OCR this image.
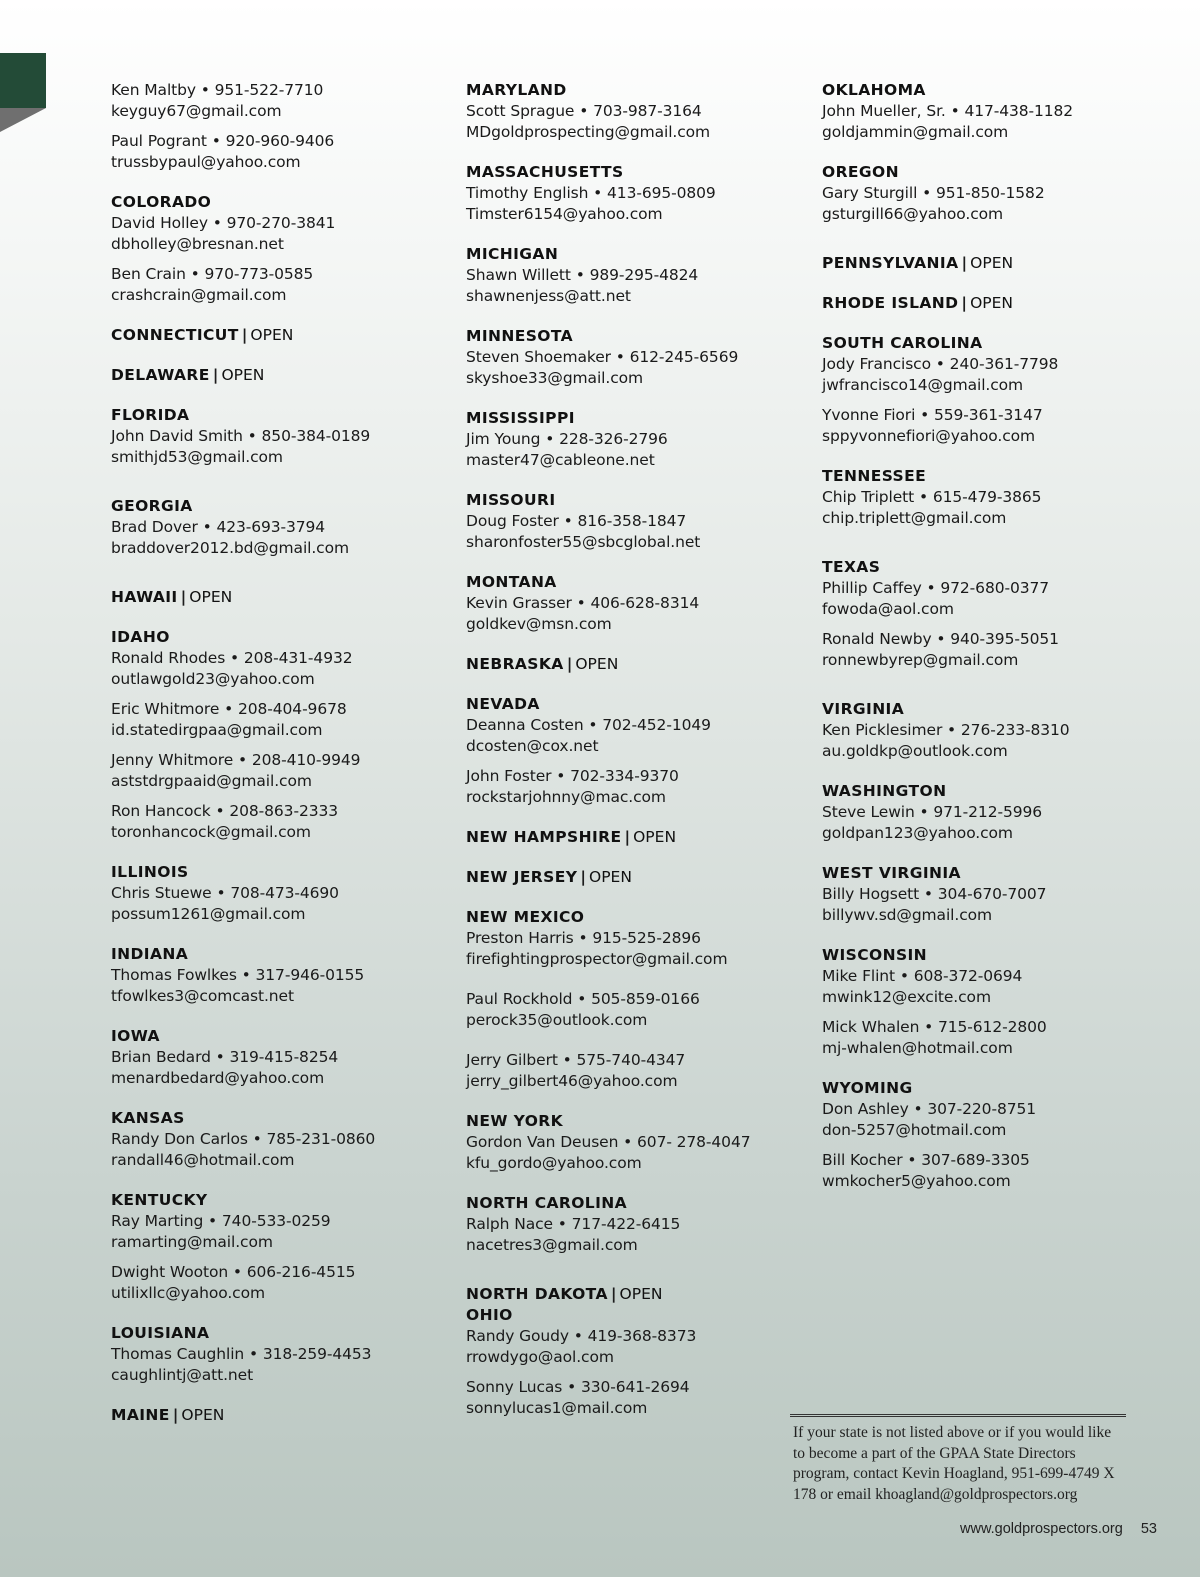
Ken Maltby • 951-522-7710
keyguy67@gmail.com
Paul Pogrant • 920-960-9406
trussbypaul@yahoo.com
COLORADO
David Holley • 970-270-3841
dbholley@bresnan.net
Ben Crain • 970-773-0585
crashcrain@gmail.com
CONNECTICUT | OPEN
DELAWARE | OPEN
FLORIDA
John David Smith • 850-384-0189
smithjd53@gmail.com
GEORGIA
Brad Dover • 423-693-3794
braddover2012.bd@gmail.com
HAWAII | OPEN
IDAHO
Ronald Rhodes • 208-431-4932
outlawgold23@yahoo.com
Eric Whitmore • 208-404-9678
id.statedirgpaa@gmail.com
Jenny Whitmore • 208-410-9949
aststdrgpaaid@gmail.com
Ron Hancock • 208-863-2333
toronhancock@gmail.com
ILLINOIS
Chris Stuewe • 708-473-4690
possum1261@gmail.com
INDIANA
Thomas Fowlkes • 317-946-0155
tfowlkes3@comcast.net
IOWA
Brian Bedard • 319-415-8254
menardbedard@yahoo.com
KANSAS
Randy Don Carlos • 785-231-0860
randall46@hotmail.com
KENTUCKY
Ray Marting • 740-533-0259
ramarting@mail.com
Dwight Wooton • 606-216-4515
utilixllc@yahoo.com
LOUISIANA
Thomas Caughlin • 318-259-4453
caughlintj@att.net
MAINE | OPEN
MARYLAND
Scott Sprague • 703-987-3164
MDgoldprospecting@gmail.com
MASSACHUSETTS
Timothy English • 413-695-0809
Timster6154@yahoo.com
MICHIGAN
Shawn Willett • 989-295-4824
shawnenjess@att.net
MINNESOTA
Steven Shoemaker • 612-245-6569
skyshoe33@gmail.com
MISSISSIPPI
Jim Young • 228-326-2796
master47@cableone.net
MISSOURI
Doug Foster • 816-358-1847
sharonfoster55@sbcglobal.net
MONTANA
Kevin Grasser • 406-628-8314
goldkev@msn.com
NEBRASKA | OPEN
NEVADA
Deanna Costen • 702-452-1049
dcosten@cox.net
John Foster • 702-334-9370
rockstarjohnny@mac.com
NEW HAMPSHIRE | OPEN
NEW JERSEY | OPEN
NEW MEXICO
Preston Harris • 915-525-2896
firefightingprospector@gmail.com
Paul Rockhold • 505-859-0166
perock35@outlook.com
Jerry Gilbert • 575-740-4347
jerry_gilbert46@yahoo.com
NEW YORK
Gordon Van Deusen • 607- 278-4047
kfu_gordo@yahoo.com
NORTH CAROLINA
Ralph Nace • 717-422-6415
nacetres3@gmail.com
NORTH DAKOTA | OPEN
OHIO
Randy Goudy • 419-368-8373
rrowdygo@aol.com
Sonny Lucas • 330-641-2694
sonnylucas1@mail.com
OKLAHOMA
John Mueller, Sr. • 417-438-1182
goldjammin@gmail.com
OREGON
Gary Sturgill • 951-850-1582
gsturgill66@yahoo.com
PENNSYLVANIA | OPEN
RHODE ISLAND | OPEN
SOUTH CAROLINA
Jody Francisco • 240-361-7798
jwfrancisco14@gmail.com
Yvonne Fiori • 559-361-3147
sppyvonnefiori@yahoo.com
TENNESSEE
Chip Triplett • 615-479-3865
chip.triplett@gmail.com
TEXAS
Phillip Caffey • 972-680-0377
fowoda@aol.com
Ronald Newby • 940-395-5051
ronnewbyrep@gmail.com
VIRGINIA
Ken Picklesimer • 276-233-8310
au.goldkp@outlook.com
WASHINGTON
Steve Lewin • 971-212-5996
goldpan123@yahoo.com
WEST VIRGINIA
Billy Hogsett • 304-670-7007
billywv.sd@gmail.com
WISCONSIN
Mike Flint • 608-372-0694
mwink12@excite.com
Mick Whalen • 715-612-2800
mj-whalen@hotmail.com
WYOMING
Don Ashley • 307-220-8751
don-5257@hotmail.com
Bill Kocher • 307-689-3305
wmkocher5@yahoo.com
If your state is not listed above or if you would like to become a part of the GPAA State Directors program, contact Kevin Hoagland, 951-699-4749 X 178 or email khoagland@goldprospectors.org
www.goldprospectors.org 53
